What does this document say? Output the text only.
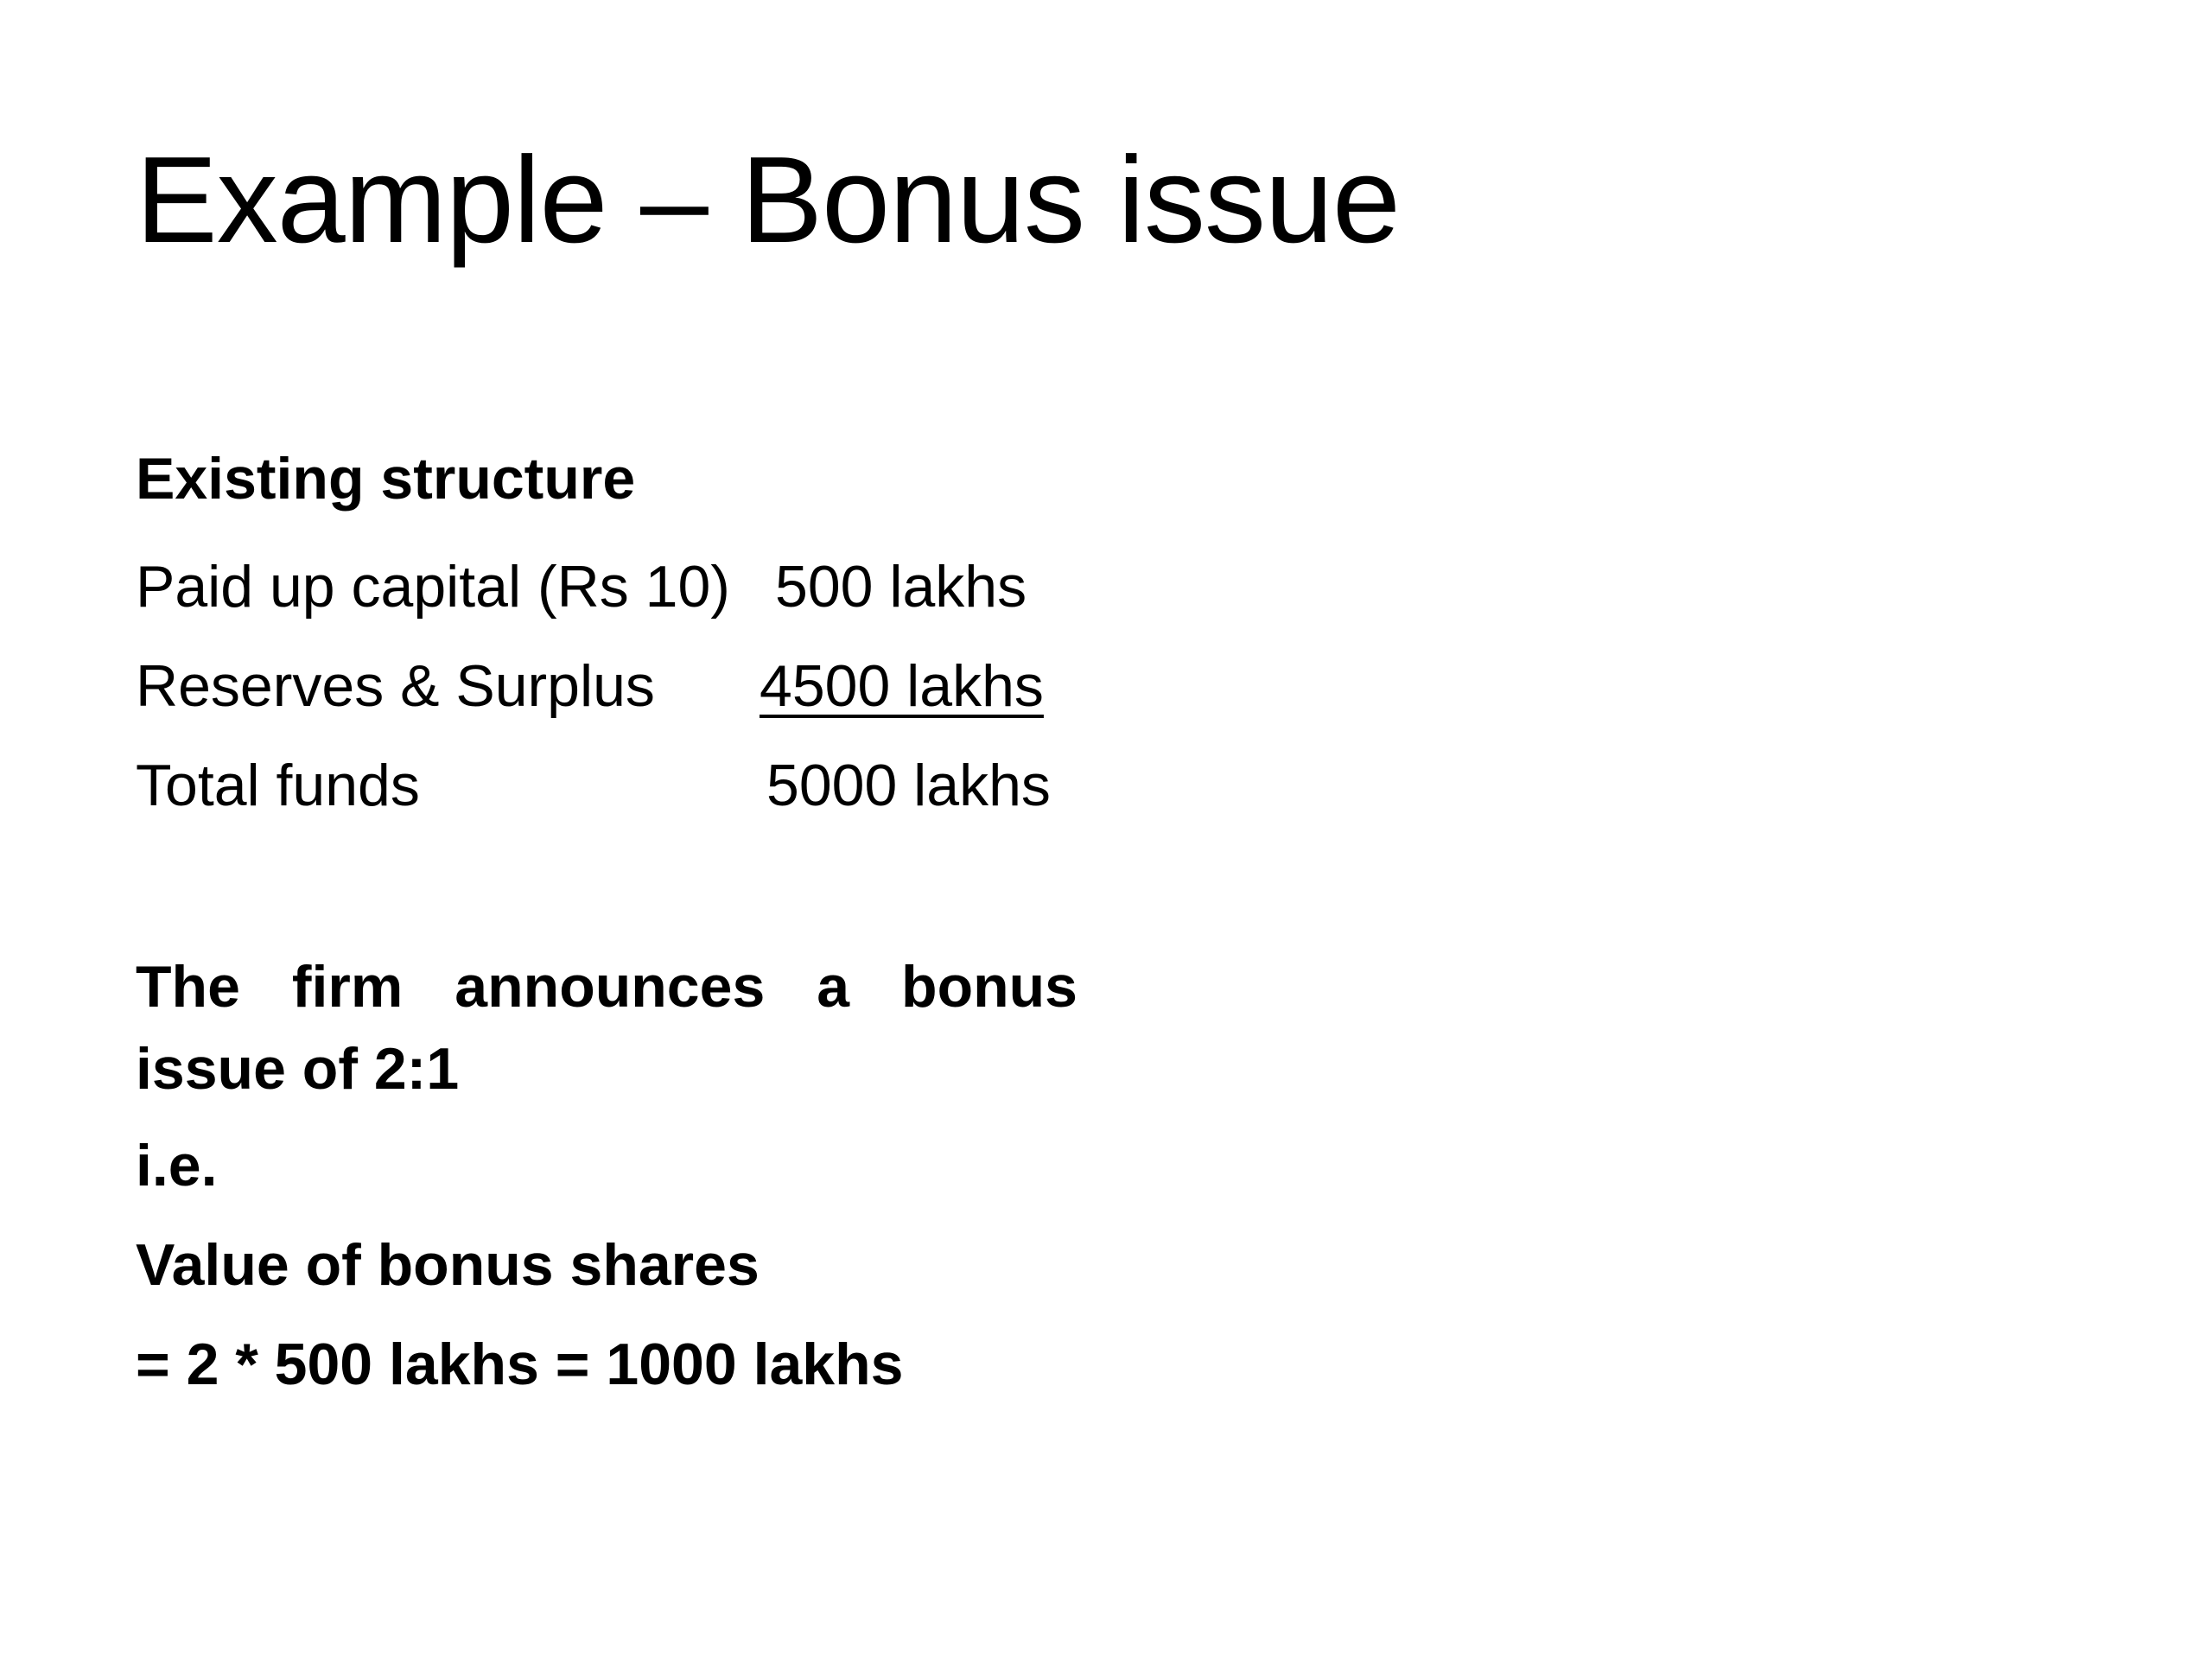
Example – Bonus issue
Existing structure
Paid up capital (Rs 10) 500 lakhs
Reserves & Surplus 4500 lakhs
Total funds	5000 lakhs
The firm announces a bonus issue of 2:1
i.e.
Value of bonus shares
= 2 * 500 lakhs = 1000 lakhs
